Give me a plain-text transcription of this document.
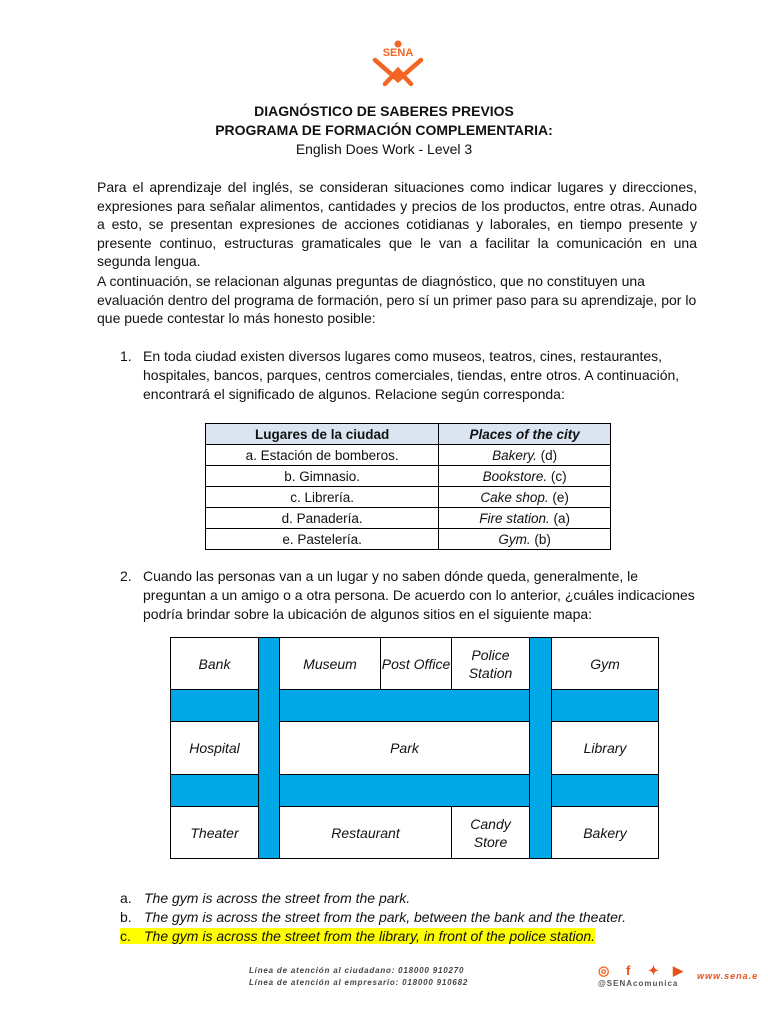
SENA
DIAGNÓSTICO DE SABERES PREVIOS
PROGRAMA DE FORMACIÓN COMPLEMENTARIA:
English Does Work - Level 3
Para el aprendizaje del inglés, se consideran situaciones como indicar lugares y direcciones, expresiones para señalar alimentos, cantidades y precios de los productos, entre otras. Aunado a esto, se presentan expresiones de acciones cotidianas y laborales, en tiempo presente y presente continuo, estructuras gramaticales que le van a facilitar la comunicación en una segunda lengua.
A continuación, se relacionan algunas preguntas de diagnóstico, que no constituyen una evaluación dentro del programa de formación, pero sí un primer paso para su aprendizaje, por lo que puede contestar lo más honesto posible:
1. En toda ciudad existen diversos lugares como museos, teatros, cines, restaurantes, hospitales, bancos, parques, centros comerciales, tiendas, entre otros. A continuación, encontrará el significado de algunos. Relacione según corresponda:
Lugares de la ciudad	Places of the city
a. Estación de bomberos.	Bakery. (d)
b. Gimnasio.	Bookstore. (c)
c. Librería.	Cake shop. (e)
d. Panadería.	Fire station. (a)
e. Pastelería.	Gym. (b)
2. Cuando las personas van a un lugar y no saben dónde queda, generalmente, le preguntan a un amigo o a otra persona. De acuerdo con lo anterior, ¿cuáles indicaciones podría brindar sobre la ubicación de algunos sitios en el siguiente mapa:
Bank	Museum	Post Office
Police Station
Gym
Hospital	Park	Library
Theater	Restaurant
Candy Store
Bakery
a. The gym is across the street from the park.
b. The gym is across the street from the park, between the bank and the theater.
c. The gym is across the street from the library, in front of the police station.
Línea de atención al ciudadano: 018000 910270
Línea de atención al empresario: 018000 910682
◎ f ✦ ▶
@SENAcomunica
www.sena.e
